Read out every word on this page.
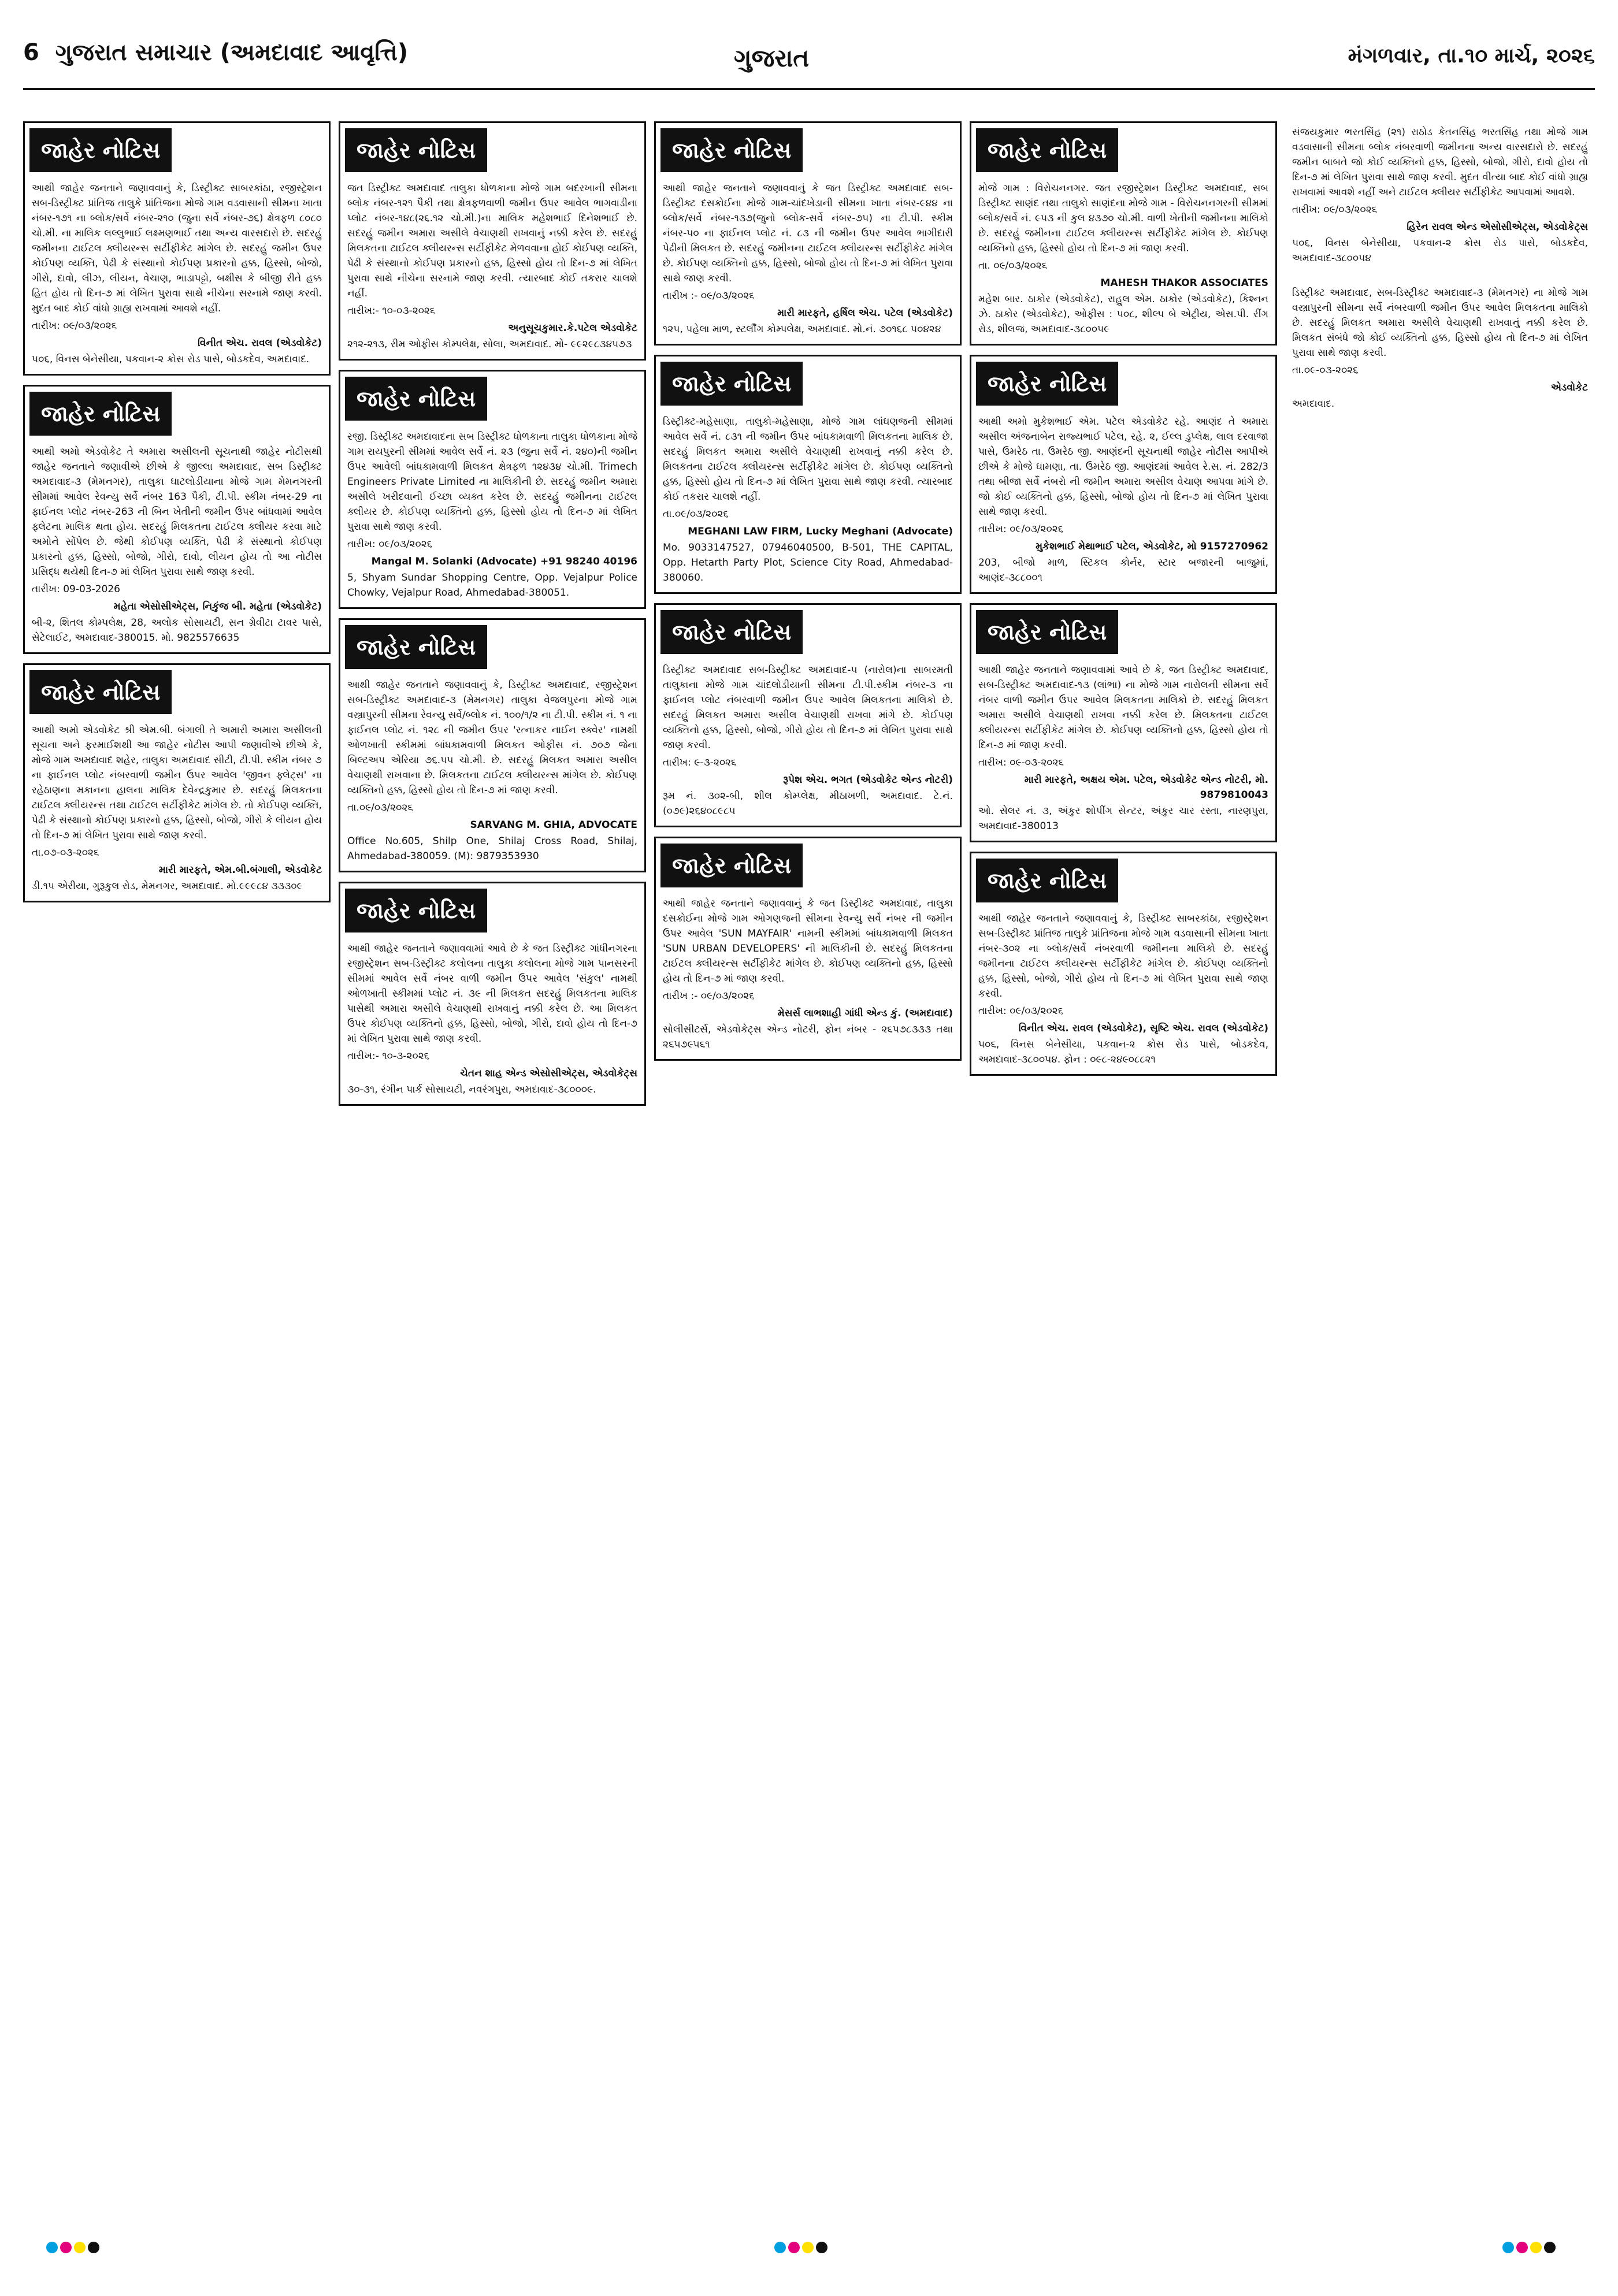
6 ગુજરાત સમાચાર (અમદાવાદ આવૃત્તિ)	ગુજરાત	મંગળવાર, તા.૧૦ માર્ચ, ૨૦૨૬
જાહેર નોટિસ
આથી જાહેર જનતાને જણાવવાનું કે, ડિસ્ટ્રીક્ટ સાબરકાંઠા, રજીસ્ટ્રેશન સબ-ડિસ્ટ્રીક્ટ પ્રાંતિજ તાલુકે પ્રાંતિજના મોજે ગામ વડવાસાની સીમના ખાતા નંબર-૧૭૧ ના બ્લોક/સર્વે નંબર-૨૧૦ (જુના સર્વે નંબર-૭૬) ક્ષેત્રફળ ૮૦૮૦ ચો.મી. ના માલિક લલ્લુભાઈ લક્ષ્મણભાઈ તથા અન્ય વારસદારો છે. સદરહું જમીનના ટાઈટલ ક્લીયરન્સ સર્ટીફીકેટ માંગેલ છે. સદરહું જમીન ઉપર કોઈપણ વ્યક્તિ, પેઢી કે સંસ્થાનો કોઈપણ પ્રકારનો હક્ક, હિસ્સો, બોજો, ગીરો, દાવો, લીઝ, લીયન, વેચાણ, ભાડાપટ્ટો, બક્ષીસ કે બીજી રીતે હક્ક હિત હોય તો દિન-૭ માં લેખિત પુરાવા સાથે નીચેના સરનામે જાણ કરવી. મુદત બાદ કોઈ વાંધો ગ્રાહ્ય રાખવામાં આવશે નહીં.
તારીખ: ૦૯/૦૩/૨૦૨૬
વિનીત એચ. રાવલ (એડવોકેટ)
૫૦૬, વિનસ બેનેસીયા, પકવાન-૨ ક્રોસ રોડ પાસે, બોડકદેવ, અમદાવાદ.
જાહેર નોટિસ
આથી અમો એડવોકેટ તે અમારા અસીલની સૂચનાથી જાહેર નોટીસથી જાહેર જનતાને જણાવીએ છીએ કે જીલ્લા અમદાવાદ, સબ ડિસ્ટ્રીક્ટ અમદાવાદ-૩ (મેમનગર), તાલુકા ઘાટલોડીયાના મોજે ગામ મેમનગરની સીમમાં આવેલ રેવન્યુ સર્વે નંબર 163 પૈકી, ટી.પી. સ્કીમ નંબર-29 ના ફાઈનલ પ્લોટ નંબર-263 ની બિન ખેતીની જમીન ઉપર બાંધવામાં આવેલ ફ્લેટના માલિક થતા હોય. સદરહું મિલકતના ટાઈટલ ક્લીયર કરવા માટે અમોને સોંપેલ છે. જેથી કોઈપણ વ્યક્તિ, પેઢી કે સંસ્થાનો કોઈપણ પ્રકારનો હક્ક, હિસ્સો, બોજો, ગીરો, દાવો, લીયન હોય તો આ નોટીસ પ્રસિદ્ધ થયેથી દિન-૭ માં લેખિત પુરાવા સાથે જાણ કરવી.
તારીખ: 09-03-2026
મહેતા એસોસીએટ્સ, નિકુંજ બી. મહેતા (એડવોકેટ)
બી-૨, શિતલ કોમ્પલેક્ષ, 28, અલોક સોસાયટી, સન ગ્રેવીટા ટાવર પાસે, સેટેલાઈટ, અમદાવાદ-380015. મો. 9825576635
જાહેર નોટિસ
આથી અમો એડવોકેટ શ્રી એમ.બી. બંગાલી તે અમારી અમારા અસીલની સૂચના અને ફરમાઈશથી આ જાહેર નોટીસ આપી જણાવીએ છીએ કે, મોજે ગામ અમદાવાદ શહેર, તાલુકા અમદાવાદ સીટી, ટી.પી. સ્કીમ નંબર ૭ ના ફાઈનલ પ્લોટ નંબરવાળી જમીન ઉપર આવેલ 'જીવન ફ્લેટ્સ' ના રહેઠાણના મકાનના હાલના માલિક દેવેન્દ્રકુમાર છે. સદરહું મિલકતના ટાઈટલ ક્લીયરન્સ તથા ટાઈટલ સર્ટીફીકેટ માંગેલ છે. તો કોઈપણ વ્યક્તિ, પેઢી કે સંસ્થાનો કોઈપણ પ્રકારનો હક્ક, હિસ્સો, બોજો, ગીરો કે લીયન હોય તો દિન-૭ માં લેખિત પુરાવા સાથે જાણ કરવી.
તા.૦૭-૦૩-૨૦૨૬
મારી મારફતે, એમ.બી.બંગાલી, એડવોકેટ
ડી.૧૫ એરીયા, ગુરૂકુલ રોડ, મેમનગર, અમદાવાદ. મો.૯૯૯૮૪ ૩૩૩૦૯
જાહેર નોટિસ
જત ડિસ્ટ્રીક્ટ અમદાવાદ તાલુકા ધોળકાના મોજે ગામ બદરખાની સીમના બ્લોક નંબર-૧૨૧ પૈકી તથા ક્ષેત્રફળવાળી જમીન ઉપર આવેલ ભાગવાડીના પ્લોટ નંબર-૧૪૮(૨૬.૧૨ ચો.મી.)ના માલિક મહેશભાઈ દિનેશભાઈ છે. સદરહું જમીન અમારા અસીલે વેચાણથી રાખવાનું નક્કી કરેલ છે. સદરહું મિલકતના ટાઈટલ ક્લીયરન્સ સર્ટીફીકેટ મેળવવાના હોઈ કોઈપણ વ્યક્તિ, પેઢી કે સંસ્થાનો કોઈપણ પ્રકારનો હક્ક, હિસ્સો હોય તો દિન-૭ માં લેખિત પુરાવા સાથે નીચેના સરનામે જાણ કરવી. ત્યારબાદ કોઈ તકરાર ચાલશે નહીં.
તારીખ:- ૧૦-૦૩-૨૦૨૬
અનુસૂચકુમાર.કે.પટેલ એડવોકેટ
૨૧૨-૨૧૩, રીમ ઓફીસ કોમ્પલેક્ષ, સોલા, અમદાવાદ. મો- ૯૯૨૯૮૩૪૫૭૩
જાહેર નોટિસ
રજી. ડિસ્ટ્રીક્ટ અમદાવાદના સબ ડિસ્ટ્રીક્ટ ધોળકાના તાલુકા ધોળકાના મોજે ગામ રાયપુરની સીમમાં આવેલ સર્વે નં. ૨૩ (જુના સર્વે નં. ૨૪૦)ની જમીન ઉપર આવેલી બાંધકામવાળી મિલકત ક્ષેત્રફળ ૧૨૪૩૪ ચો.મી. Trimech Engineers Private Limited ના માલિકીની છે. સદરહું જમીન અમારા અસીલે ખરીદવાની ઈચ્છા વ્યક્ત કરેલ છે. સદરહું જમીનના ટાઈટલ ક્લીયર છે. કોઈપણ વ્યક્તિનો હક્ક, હિસ્સો હોય તો દિન-૭ માં લેખિત પુરાવા સાથે જાણ કરવી.
તારીખ: ૦૯/૦૩/૨૦૨૬
Mangal M. Solanki (Advocate) +91 98240 40196
5, Shyam Sundar Shopping Centre, Opp. Vejalpur Police Chowky, Vejalpur Road, Ahmedabad-380051.
જાહેર નોટિસ
આથી જાહેર જનતાને જણાવવાનું કે, ડિસ્ટ્રીક્ટ અમદાવાદ, રજીસ્ટ્રેશન સબ-ડિસ્ટ્રીક્ટ અમદાવાદ-૩ (મેમનગર) તાલુકા વેજલપુરના મોજે ગામ વસ્ત્રાપુરની સીમના રેવન્યુ સર્વે/બ્લોક નં. ૧૦૦/૧/૨ ના ટી.પી. સ્કીમ નં. ૧ ના ફાઈનલ પ્લોટ નં. ૧૨૮ ની જમીન ઉપર 'રત્નાકર નાઈન સ્ક્વેર' નામથી ઓળખાતી સ્કીમમાં બાંધકામવાળી મિલકત ઓફીસ નં. ૭૦૭ જેના બિલ્ટઅપ એરિયા ૭૬.૫૫ ચો.મી. છે. સદરહું મિલકત અમારા અસીલ વેચાણથી રાખવાના છે. મિલકતના ટાઈટલ ક્લીયરન્સ માંગેલ છે. કોઈપણ વ્યક્તિનો હક્ક, હિસ્સો હોય તો દિન-૭ માં જાણ કરવી.
તા.૦૯/૦૩/૨૦૨૬
SARVANG M. GHIA, ADVOCATE
Office No.605, Shilp One, Shilaj Cross Road, Shilaj, Ahmedabad-380059. (M): 9879353930
જાહેર નોટિસ
આથી જાહેર જનતાને જણાવવામાં આવે છે કે જત ડિસ્ટ્રીક્ટ ગાંધીનગરના રજીસ્ટ્રેશન સબ-ડિસ્ટ્રીક્ટ કલોલના તાલુકા કલોલના મોજે ગામ પાનસરની સીમમાં આવેલ સર્વે નંબર વાળી જમીન ઉપર આવેલ 'સંકુલ' નામથી ઓળખાતી સ્કીમમાં પ્લોટ નં. ૩૯ ની મિલકત સદરહું મિલકતના માલિક પાસેથી અમારા અસીલે વેચાણથી રાખવાનું નક્કી કરેલ છે. આ મિલકત ઉપર કોઈપણ વ્યક્તિનો હક્ક, હિસ્સો, બોજો, ગીરો, દાવો હોય તો દિન-૭ માં લેખિત પુરાવા સાથે જાણ કરવી.
તારીખ:- ૧૦-૩-૨૦૨૬
ચેતન શાહ એન્ડ એસોસીએટ્સ, એડવોકેટ્સ
૩૦-૩૧, રંગીન પાર્ક સોસાયટી, નવરંગપુરા, અમદાવાદ-૩૮૦૦૦૯.
જાહેર નોટિસ
આથી જાહેર જનતાને જણાવવાનું કે જત ડિસ્ટ્રીક્ટ અમદાવાદ સબ-ડિસ્ટ્રીક્ટ દસક્રોઈના મોજે ગામ-ચાંદખેડાની સીમના ખાતા નંબર-૯૪૪ ના બ્લોક/સર્વે નંબર-૧૩૭(જુનો બ્લોક-સર્વે નંબર-૭૫) ના ટી.પી. સ્કીમ નંબર-૫૦ ના ફાઈનલ પ્લોટ નં. ૮૩ ની જમીન ઉપર આવેલ ભાગીદારી પેઢીની મિલકત છે. સદરહું જમીનના ટાઈટલ ક્લીયરન્સ સર્ટીફીકેટ માંગેલ છે. કોઈપણ વ્યક્તિનો હક્ક, હિસ્સો, બોજો હોય તો દિન-૭ માં લેખિત પુરાવા સાથે જાણ કરવી.
તારીખ :- ૦૯/૦૩/૨૦૨૬
મારી મારફતે, હર્ષિલ એચ. પટેલ (એડવોકેટ)
૧૨૫, પહેલા માળ, સ્ટર્લીંગ કોમ્પલેક્ષ, અમદાવાદ. મો.નં. ૭૦૧૬૮ ૫૦૪૨૪
જાહેર નોટિસ
ડિસ્ટ્રીક્ટ-મહેસાણા, તાલુકો-મહેસાણા, મોજે ગામ લાંઘણજની સીમમાં આવેલ સર્વે નં. ૮૩૧ ની જમીન ઉપર બાંધકામવાળી મિલકતના માલિક છે. સદરહું મિલકત અમારા અસીલે વેચાણથી રાખવાનું નક્કી કરેલ છે. મિલકતના ટાઈટલ ક્લીયરન્સ સર્ટીફીકેટ માંગેલ છે. કોઈપણ વ્યક્તિનો હક્ક, હિસ્સો હોય તો દિન-૭ માં લેખિત પુરાવા સાથે જાણ કરવી. ત્યારબાદ કોઈ તકરાર ચાલશે નહીં.
તા.૦૯/૦૩/૨૦૨૬
MEGHANI LAW FIRM, Lucky Meghani (Advocate)
Mo. 9033147527, 07946040500, B-501, THE CAPITAL, Opp. Hetarth Party Plot, Science City Road, Ahmedabad-380060.
જાહેર નોટિસ
ડિસ્ટ્રીક્ટ અમદાવાદ સબ-ડિસ્ટ્રીક્ટ અમદાવાદ-૫ (નારોલ)ના સાબરમતી તાલુકાના મોજે ગામ ચાંદલોડીયાની સીમના ટી.પી.સ્કીમ નંબર-૩ ના ફાઈનલ પ્લોટ નંબરવાળી જમીન ઉપર આવેલ મિલકતના માલિકો છે. સદરહું મિલકત અમારા અસીલ વેચાણથી રાખવા માંગે છે. કોઈપણ વ્યક્તિનો હક્ક, હિસ્સો, બોજો, ગીરો હોય તો દિન-૭ માં લેખિત પુરાવા સાથે જાણ કરવી.
તારીખ: ૯-૩-૨૦૨૬
રૂપેશ એચ. ભગત (એડવોકેટ એન્ડ નોટરી)
રૂમ નં. ૩૦૨-બી, શીલ કોમ્પ્લેક્ષ, મીઠાખળી, અમદાવાદ. ટે.નં.(૦૭૯)૨૬૪૦૮૯૮૫
જાહેર નોટિસ
આથી જાહેર જનતાને જણાવવાનું કે જત ડિસ્ટ્રીક્ટ અમદાવાદ, તાલુકા દસક્રોઈના મોજે ગામ ઓગણજની સીમના રેવન્યુ સર્વે નંબર ની જમીન ઉપર આવેલ 'SUN MAYFAIR' નામની સ્કીમમાં બાંધકામવાળી મિલકત 'SUN URBAN DEVELOPERS' ની માલિકીની છે. સદરહું મિલકતના ટાઈટલ ક્લીયરન્સ સર્ટીફીકેટ માંગેલ છે. કોઈપણ વ્યક્તિનો હક્ક, હિસ્સો હોય તો દિન-૭ માં જાણ કરવી.
તારીખ :- ૦૯/૦૩/૨૦૨૬
મેસર્સ લાભશાહી ગાંધી એન્ડ કું. (અમદાવાદ)
સોલીસીટર્સ, એડવોકેટ્સ એન્ડ નોટરી, ફોન નંબર - ૨૬૫૭૮૩૩૩ તથા ૨૬૫૭૯૫૬૧
જાહેર નોટિસ
મોજે ગામ : વિરોચનનગર. જત રજીસ્ટ્રેશન ડિસ્ટ્રીક્ટ અમદાવાદ, સબ ડિસ્ટ્રીક્ટ સાણંદ તથા તાલુકો સાણંદના મોજે ગામ - વિરોચનનગરની સીમમાં બ્લોક/સર્વે નં. ૯૫૩ ની કુલ ૪૩૭૦ ચો.મી. વાળી ખેતીની જમીનના માલિકો છે. સદરહું જમીનના ટાઈટલ ક્લીયરન્સ સર્ટીફીકેટ માંગેલ છે. કોઈપણ વ્યક્તિનો હક્ક, હિસ્સો હોય તો દિન-૭ માં જાણ કરવી.
તા. ૦૯/૦૩/૨૦૨૬
MAHESH THAKOR ASSOCIATES
મહેશ બાર. ઠાકોર (એડવોકેટ), રાહુલ એમ. ઠાકોર (એડવોકેટ), કિશ્નન ઝે. ઠાકોર (એડવોકેટ), ઓફીસ : ૫૦૮, શીલ્પ બે એટ્રીય, એસ.પી. રીંગ રોડ, શીલજ, અમદાવાદ-૩૮૦૦૫૯
જાહેર નોટિસ
આથી અમો મુકેશભાઈ એમ. પટેલ એડવોકેટ રહે. આણંદ તે અમારા અસીલ અંજનાબેન રાજ્યભાઈ પટેલ, રહે. ૨, ઈલ્લ ડુપ્લેક્ષ, લાલ દરવાજા પાસે, ઉમરેઠ તા. ઉમરેઠ જી. આણંદની સૂચનાથી જાહેર નોટીસ આપીએ છીએ કે મોજે ઘામણા, તા. ઉમરેઠ જી. આણંદમાં આવેલ રે.સ. નં. 282/3 તથા બીજા સર્વે નંબરો ની જમીન અમારા અસીલ વેચાણ આપવા માંગે છે. જો કોઈ વ્યક્તિનો હક્ક, હિસ્સો, બોજો હોય તો દિન-૭ માં લેખિત પુરાવા સાથે જાણ કરવી.
તારીખ: ૦૯/૦૩/૨૦૨૬
મુકેશભાઈ મેથાભાઈ પટેલ, એડવોકેટ, મો 9157270962
203, બીજો માળ, સ્ટિકલ કોર્નર, સ્ટાર બજારની બાજુમાં, આણંદ-૩૮૮૦૦૧
જાહેર નોટિસ
આથી જાહેર જનતાને જણાવવામાં આવે છે કે, જત ડિસ્ટ્રીક્ટ અમદાવાદ, સબ-ડિસ્ટ્રીક્ટ અમદાવાદ-૧૩ (લાંભા) ના મોજે ગામ નારોલની સીમના સર્વે નંબર વાળી જમીન ઉપર આવેલ મિલકતના માલિકો છે. સદરહું મિલકત અમારા અસીલે વેચાણથી રાખવા નક્કી કરેલ છે. મિલકતના ટાઈટલ ક્લીયરન્સ સર્ટીફીકેટ માંગેલ છે. કોઈપણ વ્યક્તિનો હક્ક, હિસ્સો હોય તો દિન-૭ માં જાણ કરવી.
તારીખ: ૦૯-૦૩-૨૦૨૬
મારી મારફતે, અક્ષય એમ. પટેલ, એડવોકેટ એન્ડ નોટરી, મો. 9879810043
ઓ. સેલર નં. ૩, અંકુર શોપીંગ સેન્ટર, અંકુર ચાર રસ્તા, નારણપુરા, અમદાવાદ-380013
જાહેર નોટિસ
આથી જાહેર જનતાને જણાવવાનું કે, ડિસ્ટ્રીક્ટ સાબરકાંઠા, રજીસ્ટ્રેશન સબ-ડિસ્ટ્રીક્ટ પ્રાંતિજ તાલુકે પ્રાંતિજના મોજે ગામ વડવાસાની સીમના ખાતા નંબર-૩૦૨ ના બ્લોક/સર્વે નંબરવાળી જમીનના માલિકો છે. સદરહું જમીનના ટાઈટલ ક્લીયરન્સ સર્ટીફીકેટ માંગેલ છે. કોઈપણ વ્યક્તિનો હક્ક, હિસ્સો, બોજો, ગીરો હોય તો દિન-૭ માં લેખિત પુરાવા સાથે જાણ કરવી.
તારીખ: ૦૯/૦૩/૨૦૨૬
વિનીત એચ. રાવલ (એડવોકેટ), સૃષ્ટિ એચ. રાવલ (એડવોકેટ)
૫૦૬, વિનસ બેનેસીયા, પકવાન-૨ ક્રોસ રોડ પાસે, બોડકદેવ, અમદાવાદ-૩૮૦૦૫૪. ફોન : ૦૯૮-૨૪૯૦૮૮૨૧
સંજયકુમાર ભરતસિંહ (૨૧) રાઠોડ કેતનસિંહ ભરતસિંહ તથા મોજે ગામ વડવાસાની સીમના બ્લોક નંબરવાળી જમીનના અન્ય વારસદારો છે. સદરહું જમીન બાબતે જો કોઈ વ્યક્તિનો હક્ક, હિસ્સો, બોજો, ગીરો, દાવો હોય તો દિન-૭ માં લેખિત પુરાવા સાથે જાણ કરવી. મુદત વીત્યા બાદ કોઈ વાંધો ગ્રાહ્ય રાખવામાં આવશે નહીં અને ટાઈટલ ક્લીયર સર્ટીફીકેટ આપવામાં આવશે.
તારીખ: ૦૯/૦૩/૨૦૨૬
હિરેન રાવલ એન્ડ એસોસીએટ્સ, એડવોકેટ્સ
૫૦૬, વિનસ બેનેસીયા, પકવાન-૨ ક્રોસ રોડ પાસે, બોડકદેવ, અમદાવાદ-૩૮૦૦૫૪
ડિસ્ટ્રીક્ટ અમદાવાદ, સબ-ડિસ્ટ્રીક્ટ અમદાવાદ-૩ (મેમનગર) ના મોજે ગામ વસ્ત્રાપુરની સીમના સર્વે નંબરવાળી જમીન ઉપર આવેલ મિલકતના માલિકો છે. સદરહું મિલકત અમારા અસીલે વેચાણથી રાખવાનું નક્કી કરેલ છે. મિલકત સંબંધે જો કોઈ વ્યક્તિનો હક્ક, હિસ્સો હોય તો દિન-૭ માં લેખિત પુરાવા સાથે જાણ કરવી.
તા.૦૯-૦૩-૨૦૨૬
એડવોકેટ
અમદાવાદ.
